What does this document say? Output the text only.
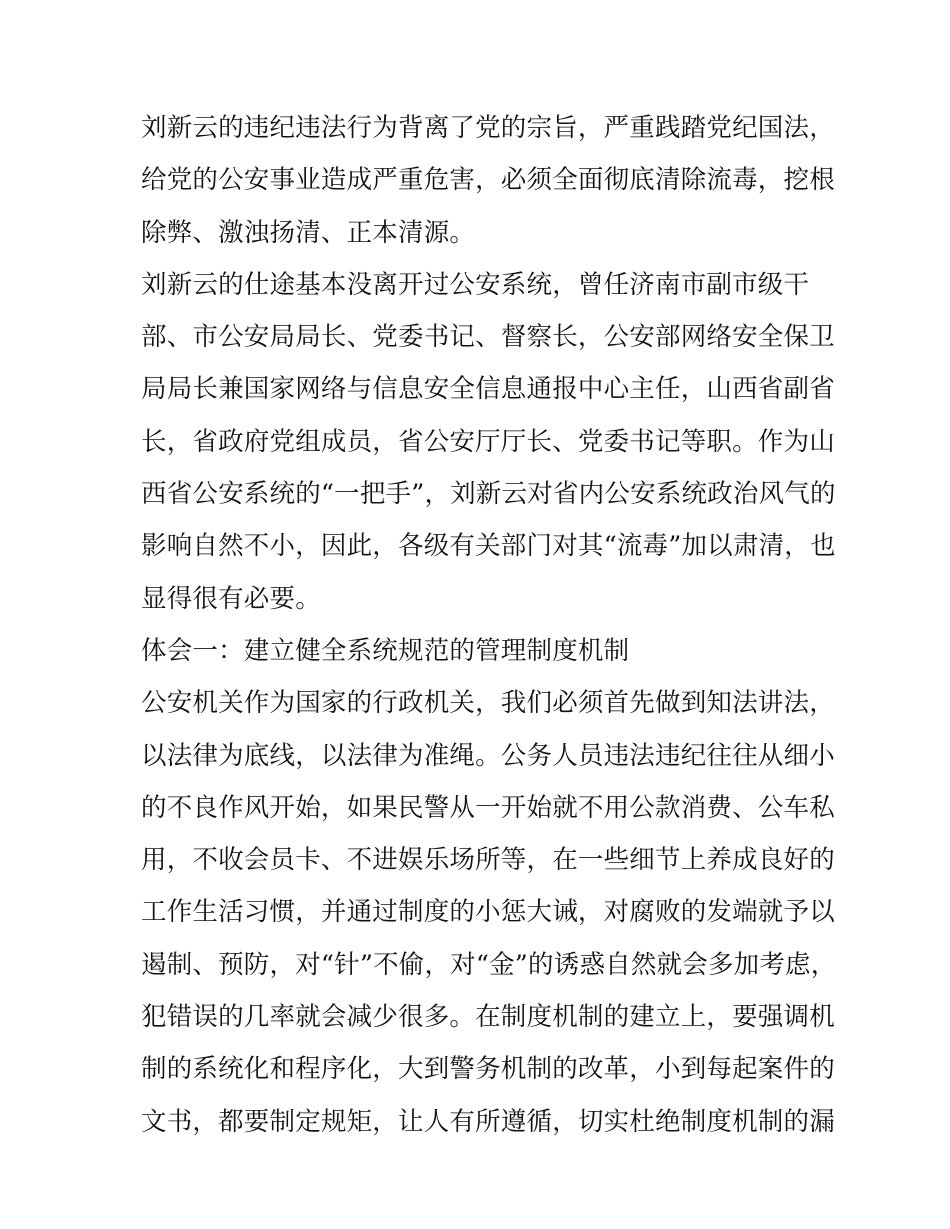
刘新云的违纪违法行为背离了党的宗旨，严重践踏党纪国法，
给党的公安事业造成严重危害，必须全面彻底清除流毒，挖根
除弊、激浊扬清、正本清源。
刘新云的仕途基本没离开过公安系统，曾任济南市副市级干
部、市公安局局长、党委书记、督察长，公安部网络安全保卫
局局长兼国家网络与信息安全信息通报中心主任，山西省副省
长，省政府党组成员，省公安厅厅长、党委书记等职。作为山
西省公安系统的“一把手”，刘新云对省内公安系统政治风气的
影响自然不小，因此，各级有关部门对其“流毒”加以肃清，也
显得很有必要。
体会一：建立健全系统规范的管理制度机制
公安机关作为国家的行政机关，我们必须首先做到知法讲法，
以法律为底线，以法律为准绳。公务人员违法违纪往往从细小
的不良作风开始，如果民警从一开始就不用公款消费、公车私
用，不收会员卡、不进娱乐场所等，在一些细节上养成良好的
工作生活习惯，并通过制度的小惩大诫，对腐败的发端就予以
遏制、预防，对“针”不偷，对“金”的诱惑自然就会多加考虑，
犯错误的几率就会减少很多。在制度机制的建立上，要强调机
制的系统化和程序化，大到警务机制的改革，小到每起案件的
文书，都要制定规矩，让人有所遵循，切实杜绝制度机制的漏
